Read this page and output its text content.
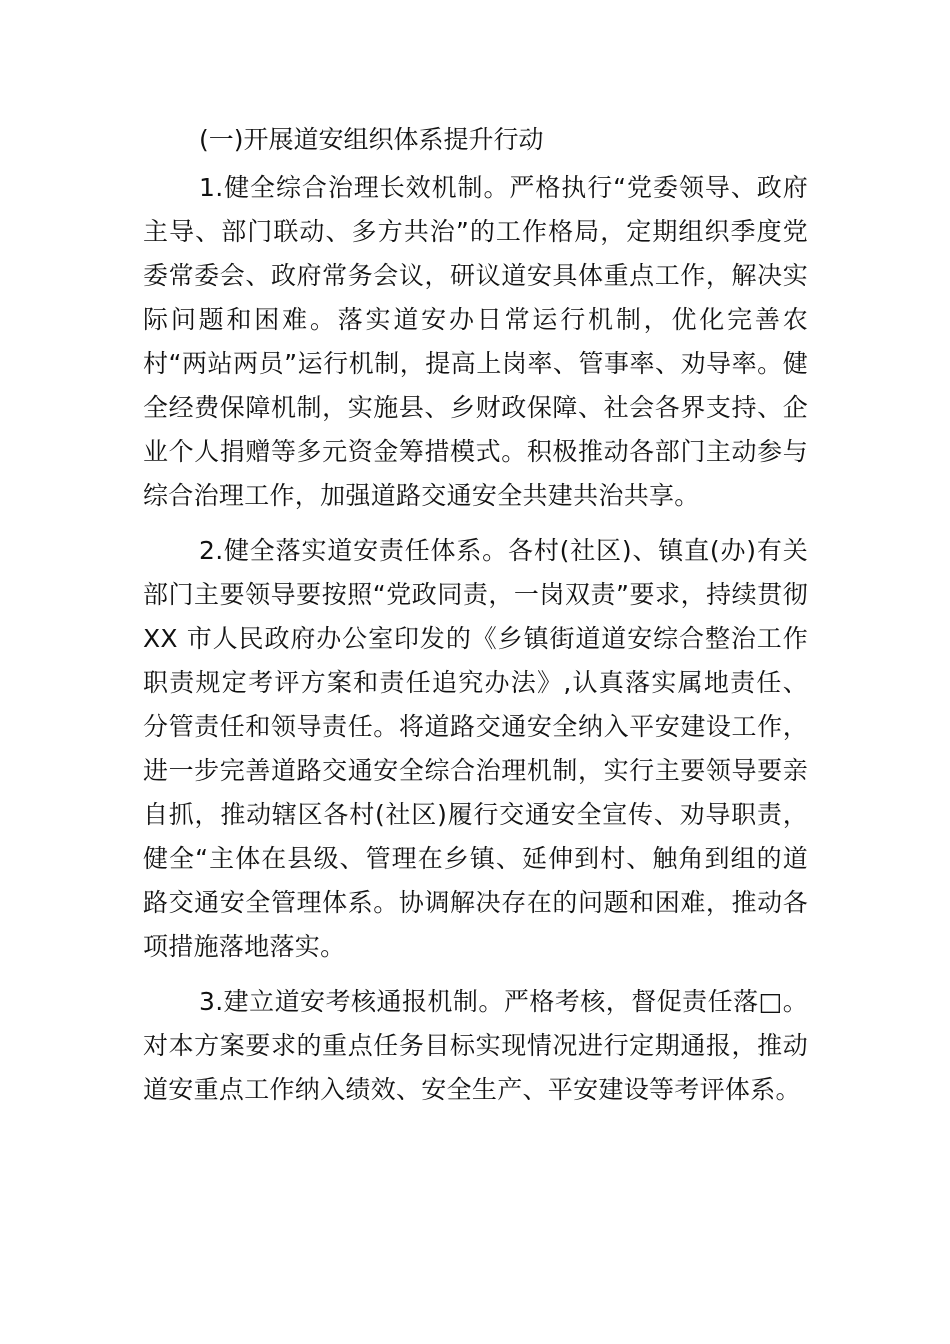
(一)开展道安组织体系提升行动

1.健全综合治理长效机制。严格执行“党委领导、政府主导、部门联动、多方共治”的工作格局，定期组织季度党委常委会、政府常务会议，研议道安具体重点工作，解决实际问题和困难。落实道安办日常运行机制，优化完善农村“两站两员”运行机制，提高上岗率、管事率、劝导率。健全经费保障机制，实施县、乡财政保障、社会各界支持、企业个人捐赠等多元资金筹措模式。积极推动各部门主动参与综合治理工作，加强道路交通安全共建共治共享。

2.健全落实道安责任体系。各村(社区)、镇直(办)有关部门主要领导要按照“党政同责，一岗双责”要求，持续贯彻XX 市人民政府办公室印发的《乡镇街道道安综合整治工作职责规定考评方案和责任追究办法》,认真落实属地责任、分管责任和领导责任。将道路交通安全纳入平安建设工作，进一步完善道路交通安全综合治理机制，实行主要领导要亲自抓，推动辖区各村(社区)履行交通安全宣传、劝导职责，健全“主体在县级、管理在乡镇、延伸到村、触角到组的道路交通安全管理体系。协调解决存在的问题和困难，推动各项措施落地落实。

3.建立道安考核通报机制。严格考核，督促责任落□。对本方案要求的重点任务目标实现情况进行定期通报，推动道安重点工作纳入绩效、安全生产、平安建设等考评体系。
